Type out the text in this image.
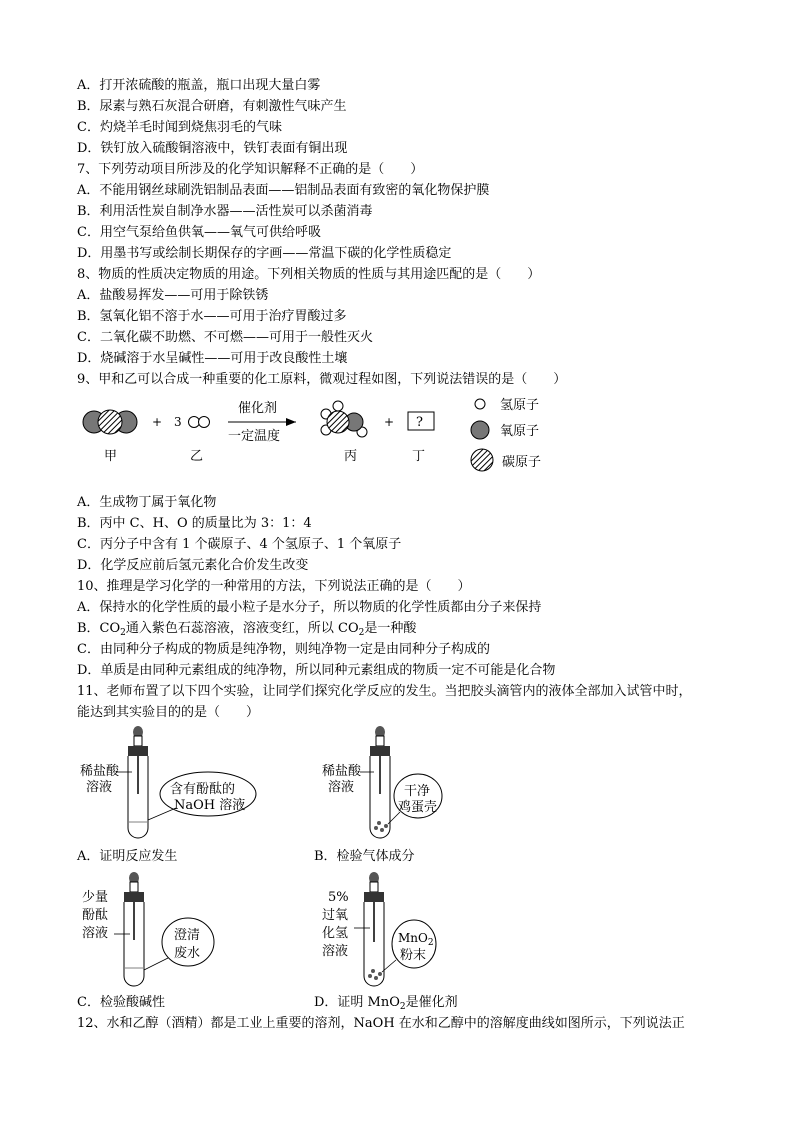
A．打开浓硫酸的瓶盖，瓶口出现大量白雾
B．尿素与熟石灰混合研磨，有刺激性气味产生
C．灼烧羊毛时闻到烧焦羽毛的气味
D．铁钉放入硫酸铜溶液中，铁钉表面有铜出现
7、下列劳动项目所涉及的化学知识解释不正确的是（　　）
A．不能用钢丝球刷洗铝制品表面——铝制品表面有致密的氧化物保护膜
B．利用活性炭自制净水器——活性炭可以杀菌消毒
C．用空气泵给鱼供氧——氧气可供给呼吸
D．用墨书写或绘制长期保存的字画——常温下碳的化学性质稳定
8、物质的性质决定物质的用途。下列相关物质的性质与其用途匹配的是（　　）
A．盐酸易挥发——可用于除铁锈
B．氢氧化铝不溶于水——可用于治疗胃酸过多
C．二氧化碳不助燃、不可燃——可用于一般性灭火
D．烧碱溶于水呈碱性——可用于改良酸性土壤
9、甲和乙可以合成一种重要的化工原料，微观过程如图，下列说法错误的是（　　）
+　3
催化剂
一定温度
+ ?
甲	乙	丙	丁
氢原子
氧原子
碳原子
A．生成物丁属于氧化物
B．丙中 C、H、O 的质量比为 3：1：4
C．丙分子中含有 1 个碳原子、4 个氢原子、1 个氧原子
D．化学反应前后氢元素化合价发生改变
10、推理是学习化学的一种常用的方法，下列说法正确的是（　　）
A．保持水的化学性质的最小粒子是水分子，所以物质的化学性质都由分子来保持
B．$CO_2$通入紫色石蕊溶液，溶液变红，所以 $CO_2$是一种酸
C．由同种分子构成的物质是纯净物，则纯净物一定是由同种分子构成的
D．单质是由同种元素组成的纯净物，所以同种元素组成的物质一定不可能是化合物
11、老师布置了以下四个实验，让同学们探究化学反应的发生。当把胶头滴管内的液体全部加入试管中时，
能达到其实验目的的是（　　）
稀盐酸
溶液	含有酚酞的
NaOH 溶液
A．证明反应发生
稀盐酸
溶液	干净
鸡蛋壳
B．检验气体成分
少量
酚酞
溶液	澄清
废水
C．检验酸碱性
5%
过氧
化氢
溶液
MnO$_2$
粉末
D．证明 MnO$_2$是催化剂
12、水和乙醇（酒精）都是工业上重要的溶剂，NaOH 在水和乙醇中的溶解度曲线如图所示，下列说法正
